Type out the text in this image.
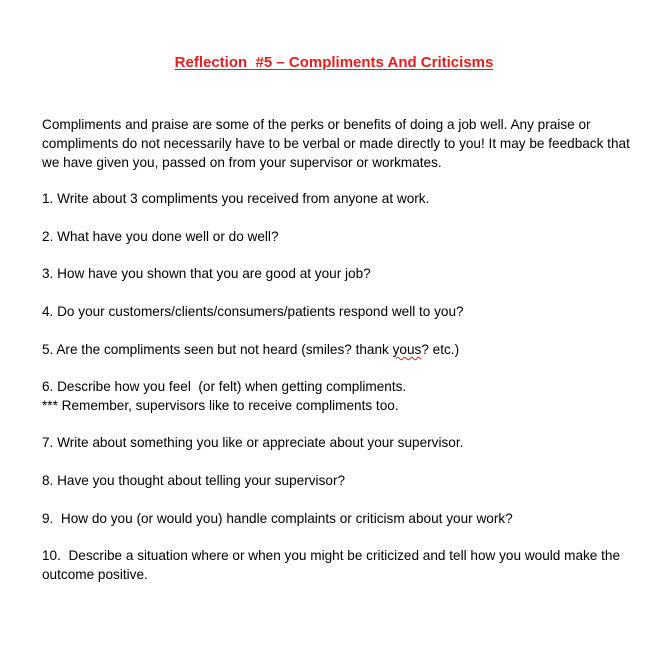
Reflection  #5 – Compliments And Criticisms
Compliments and praise are some of the perks or benefits of doing a job well. Any praise or compliments do not necessarily have to be verbal or made directly to you! It may be feedback that we have given you, passed on from your supervisor or workmates.
1. Write about 3 compliments you received from anyone at work.
2. What have you done well or do well?
3. How have you shown that you are good at your job?
4. Do your customers/clients/consumers/patients respond well to you?
5. Are the compliments seen but not heard (smiles? thank yous? etc.)
6. Describe how you feel  (or felt) when getting compliments.
*** Remember, supervisors like to receive compliments too.
7. Write about something you like or appreciate about your supervisor.
8. Have you thought about telling your supervisor?
9.  How do you (or would you) handle complaints or criticism about your work?
10.  Describe a situation where or when you might be criticized and tell how you would make the outcome positive.
